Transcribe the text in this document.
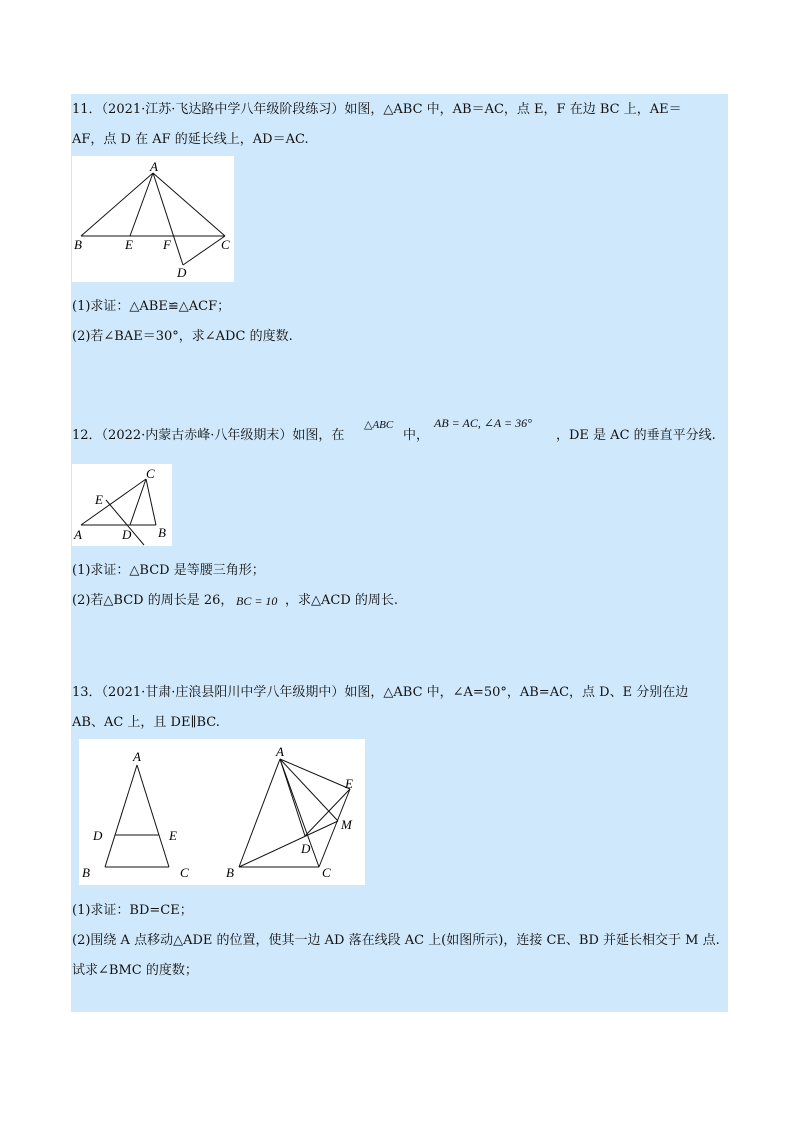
11．（2021·江苏·飞达路中学八年级阶段练习）如图，△ABC 中，AB＝AC，点 E，F 在边 BC 上，AE＝
AF，点 D 在 AF 的延长线上，AD＝AC.
A
B	E F	C
D
(1)求证：△ABE≌△ACF；
(2)若∠BAE＝30°，求∠ADC 的度数.
12．（2022·内蒙古赤峰·八年级期末）如图，在
△ABC
中，
AB = AC, ∠A = 36°
，DE 是 AC 的垂直平分线.
C
E
A	D B
(1)求证：△BCD 是等腰三角形；
(2)若△BCD 的周长是 26， BC = 10 ，求△ACD 的周长.
13．（2021·甘肃·庄浪县阳川中学八年级期中）如图，△ABC 中，∠A=50°，AB=AC，点 D、E 分别在边
AB、AC 上，且 DE∥BC.
A
D	E
B	C
A
E
M
D
B	C
(1)求证：BD=CE；
(2)围绕 A 点移动△ADE 的位置，使其一边 AD 落在线段 AC 上(如图所示)，连接 CE、BD 并延长相交于 M 点.
试求∠BMC 的度数；
